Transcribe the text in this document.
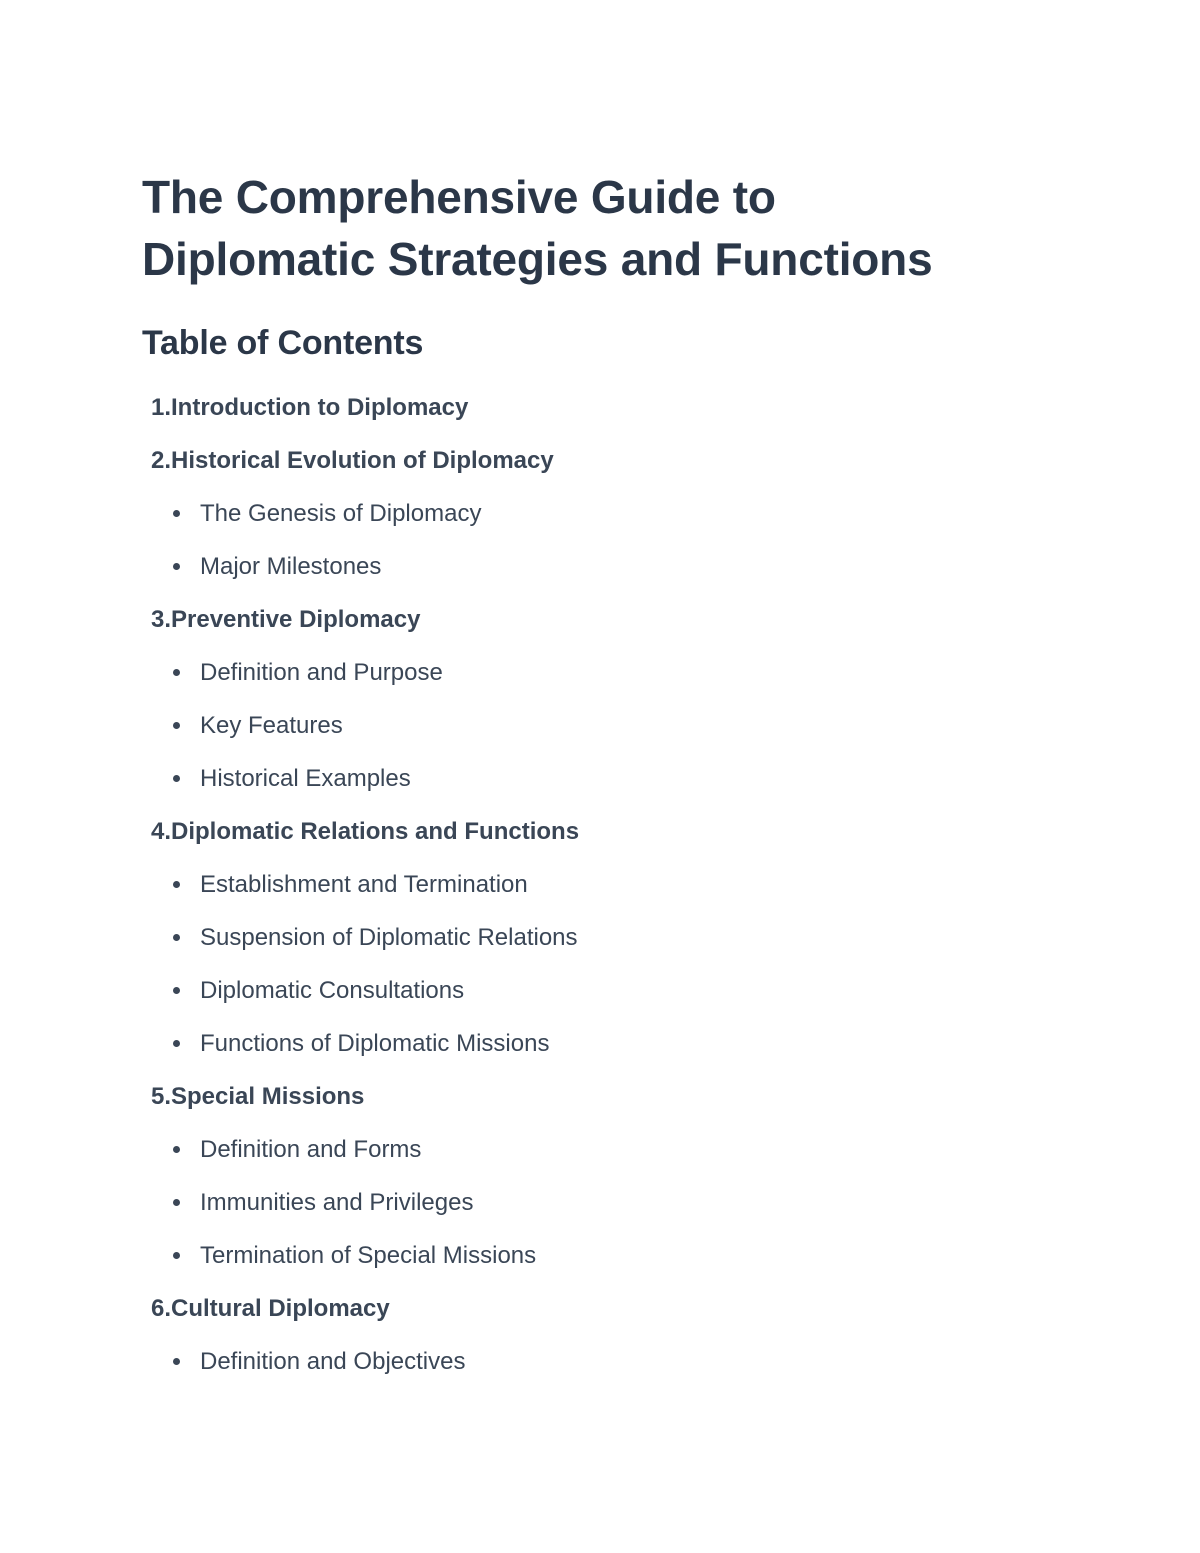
The Comprehensive Guide to
Diplomatic Strategies and Functions
Table of Contents
1. Introduction to Diplomacy
2. Historical Evolution of Diplomacy
The Genesis of Diplomacy
Major Milestones
3. Preventive Diplomacy
Definition and Purpose
Key Features
Historical Examples
4. Diplomatic Relations and Functions
Establishment and Termination
Suspension of Diplomatic Relations
Diplomatic Consultations
Functions of Diplomatic Missions
5. Special Missions
Definition and Forms
Immunities and Privileges
Termination of Special Missions
6. Cultural Diplomacy
Definition and Objectives
